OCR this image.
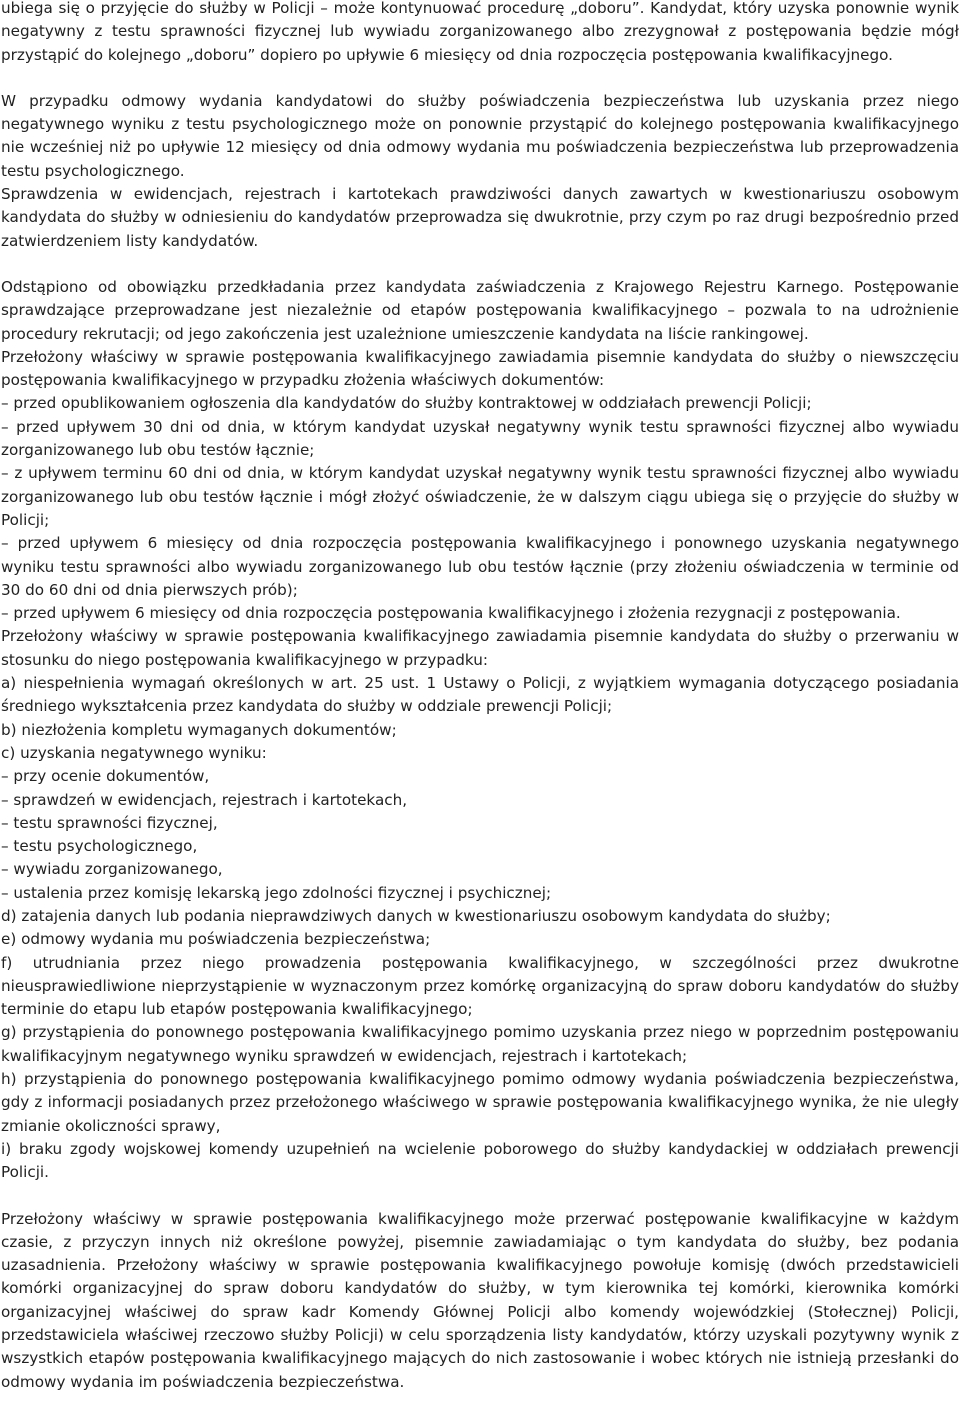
ubiega się o przyjęcie do służby w Policji – może kontynuować procedurę „doboru”. Kandydat, który uzyska ponownie wynik negatywny z testu sprawności fizycznej lub wywiadu zorganizowanego albo zrezygnował z postępowania będzie mógł przystąpić do kolejnego „doboru” dopiero po upływie 6 miesięcy od dnia rozpoczęcia postępowania kwalifikacyjnego.

W przypadku odmowy wydania kandydatowi do służby poświadczenia bezpieczeństwa lub uzyskania przez niego negatywnego wyniku z testu psychologicznego może on ponownie przystąpić do kolejnego postępowania kwalifikacyjnego nie wcześniej niż po upływie 12 miesięcy od dnia odmowy wydania mu poświadczenia bezpieczeństwa lub przeprowadzenia testu psychologicznego.

Sprawdzenia w ewidencjach, rejestrach i kartotekach prawdziwości danych zawartych w kwestionariuszu osobowym kandydata do służby w odniesieniu do kandydatów przeprowadza się dwukrotnie, przy czym po raz drugi bezpośrednio przed zatwierdzeniem listy kandydatów.

Odstąpiono od obowiązku przedkładania przez kandydata zaświadczenia z Krajowego Rejestru Karnego. Postępowanie sprawdzające przeprowadzane jest niezależnie od etapów postępowania kwalifikacyjnego – pozwala to na udrożnienie procedury rekrutacji; od jego zakończenia jest uzależnione umieszczenie kandydata na liście rankingowej.

Przełożony właściwy w sprawie postępowania kwalifikacyjnego zawiadamia pisemnie kandydata do służby o niewszczęciu postępowania kwalifikacyjnego w przypadku złożenia właściwych dokumentów:

– przed opublikowaniem ogłoszenia dla kandydatów do służby kontraktowej w oddziałach prewencji Policji;

– przed upływem 30 dni od dnia, w którym kandydat uzyskał negatywny wynik testu sprawności fizycznej albo wywiadu zorganizowanego lub obu testów łącznie;

– z upływem terminu 60 dni od dnia, w którym kandydat uzyskał negatywny wynik testu sprawności fizycznej albo wywiadu zorganizowanego lub obu testów łącznie i mógł złożyć oświadczenie, że w dalszym ciągu ubiega się o przyjęcie do służby w Policji;

– przed upływem 6 miesięcy od dnia rozpoczęcia postępowania kwalifikacyjnego i ponownego uzyskania negatywnego wyniku testu sprawności albo wywiadu zorganizowanego lub obu testów łącznie (przy złożeniu oświadczenia w terminie od 30 do 60 dni od dnia pierwszych prób);

– przed upływem 6 miesięcy od dnia rozpoczęcia postępowania kwalifikacyjnego i złożenia rezygnacji z postępowania.

Przełożony właściwy w sprawie postępowania kwalifikacyjnego zawiadamia pisemnie kandydata do służby o przerwaniu w stosunku do niego postępowania kwalifikacyjnego w przypadku:

a) niespełnienia wymagań określonych w art. 25 ust. 1 Ustawy o Policji, z wyjątkiem wymagania dotyczącego posiadania średniego wykształcenia przez kandydata do służby w oddziale prewencji Policji;

b) niezłożenia kompletu wymaganych dokumentów;

c) uzyskania negatywnego wyniku:

– przy ocenie dokumentów,

– sprawdzeń w ewidencjach, rejestrach i kartotekach,

– testu sprawności fizycznej,

– testu psychologicznego,

– wywiadu zorganizowanego,

– ustalenia przez komisję lekarską jego zdolności fizycznej i psychicznej;

d) zatajenia danych lub podania nieprawdziwych danych w kwestionariuszu osobowym kandydata do służby;

e) odmowy wydania mu poświadczenia bezpieczeństwa;

f) utrudniania przez niego prowadzenia postępowania kwalifikacyjnego, w szczególności przez dwukrotne nieusprawiedliwione nieprzystąpienie w wyznaczonym przez komórkę organizacyjną do spraw doboru kandydatów do służby terminie do etapu lub etapów postępowania kwalifikacyjnego;

g) przystąpienia do ponownego postępowania kwalifikacyjnego pomimo uzyskania przez niego w poprzednim postępowaniu kwalifikacyjnym negatywnego wyniku sprawdzeń w ewidencjach, rejestrach i kartotekach;

h) przystąpienia do ponownego postępowania kwalifikacyjnego pomimo odmowy wydania poświadczenia bezpieczeństwa, gdy z informacji posiadanych przez przełożonego właściwego w sprawie postępowania kwalifikacyjnego wynika, że nie uległy zmianie okoliczności sprawy,

i) braku zgody wojskowej komendy uzupełnień na wcielenie poborowego do służby kandydackiej w oddziałach prewencji Policji.

Przełożony właściwy w sprawie postępowania kwalifikacyjnego może przerwać postępowanie kwalifikacyjne w każdym czasie, z przyczyn innych niż określone powyżej, pisemnie zawiadamiając o tym kandydata do służby, bez podania uzasadnienia. Przełożony właściwy w sprawie postępowania kwalifikacyjnego powołuje komisję (dwóch przedstawicieli komórki organizacyjnej do spraw doboru kandydatów do służby, w tym kierownika tej komórki, kierownika komórki organizacyjnej właściwej do spraw kadr Komendy Głównej Policji albo komendy wojewódzkiej (Stołecznej) Policji, przedstawiciela właściwej rzeczowo służby Policji) w celu sporządzenia listy kandydatów, którzy uzyskali pozytywny wynik z wszystkich etapów postępowania kwalifikacyjnego mających do nich zastosowanie i wobec których nie istnieją przesłanki do odmowy wydania im poświadczenia bezpieczeństwa.
